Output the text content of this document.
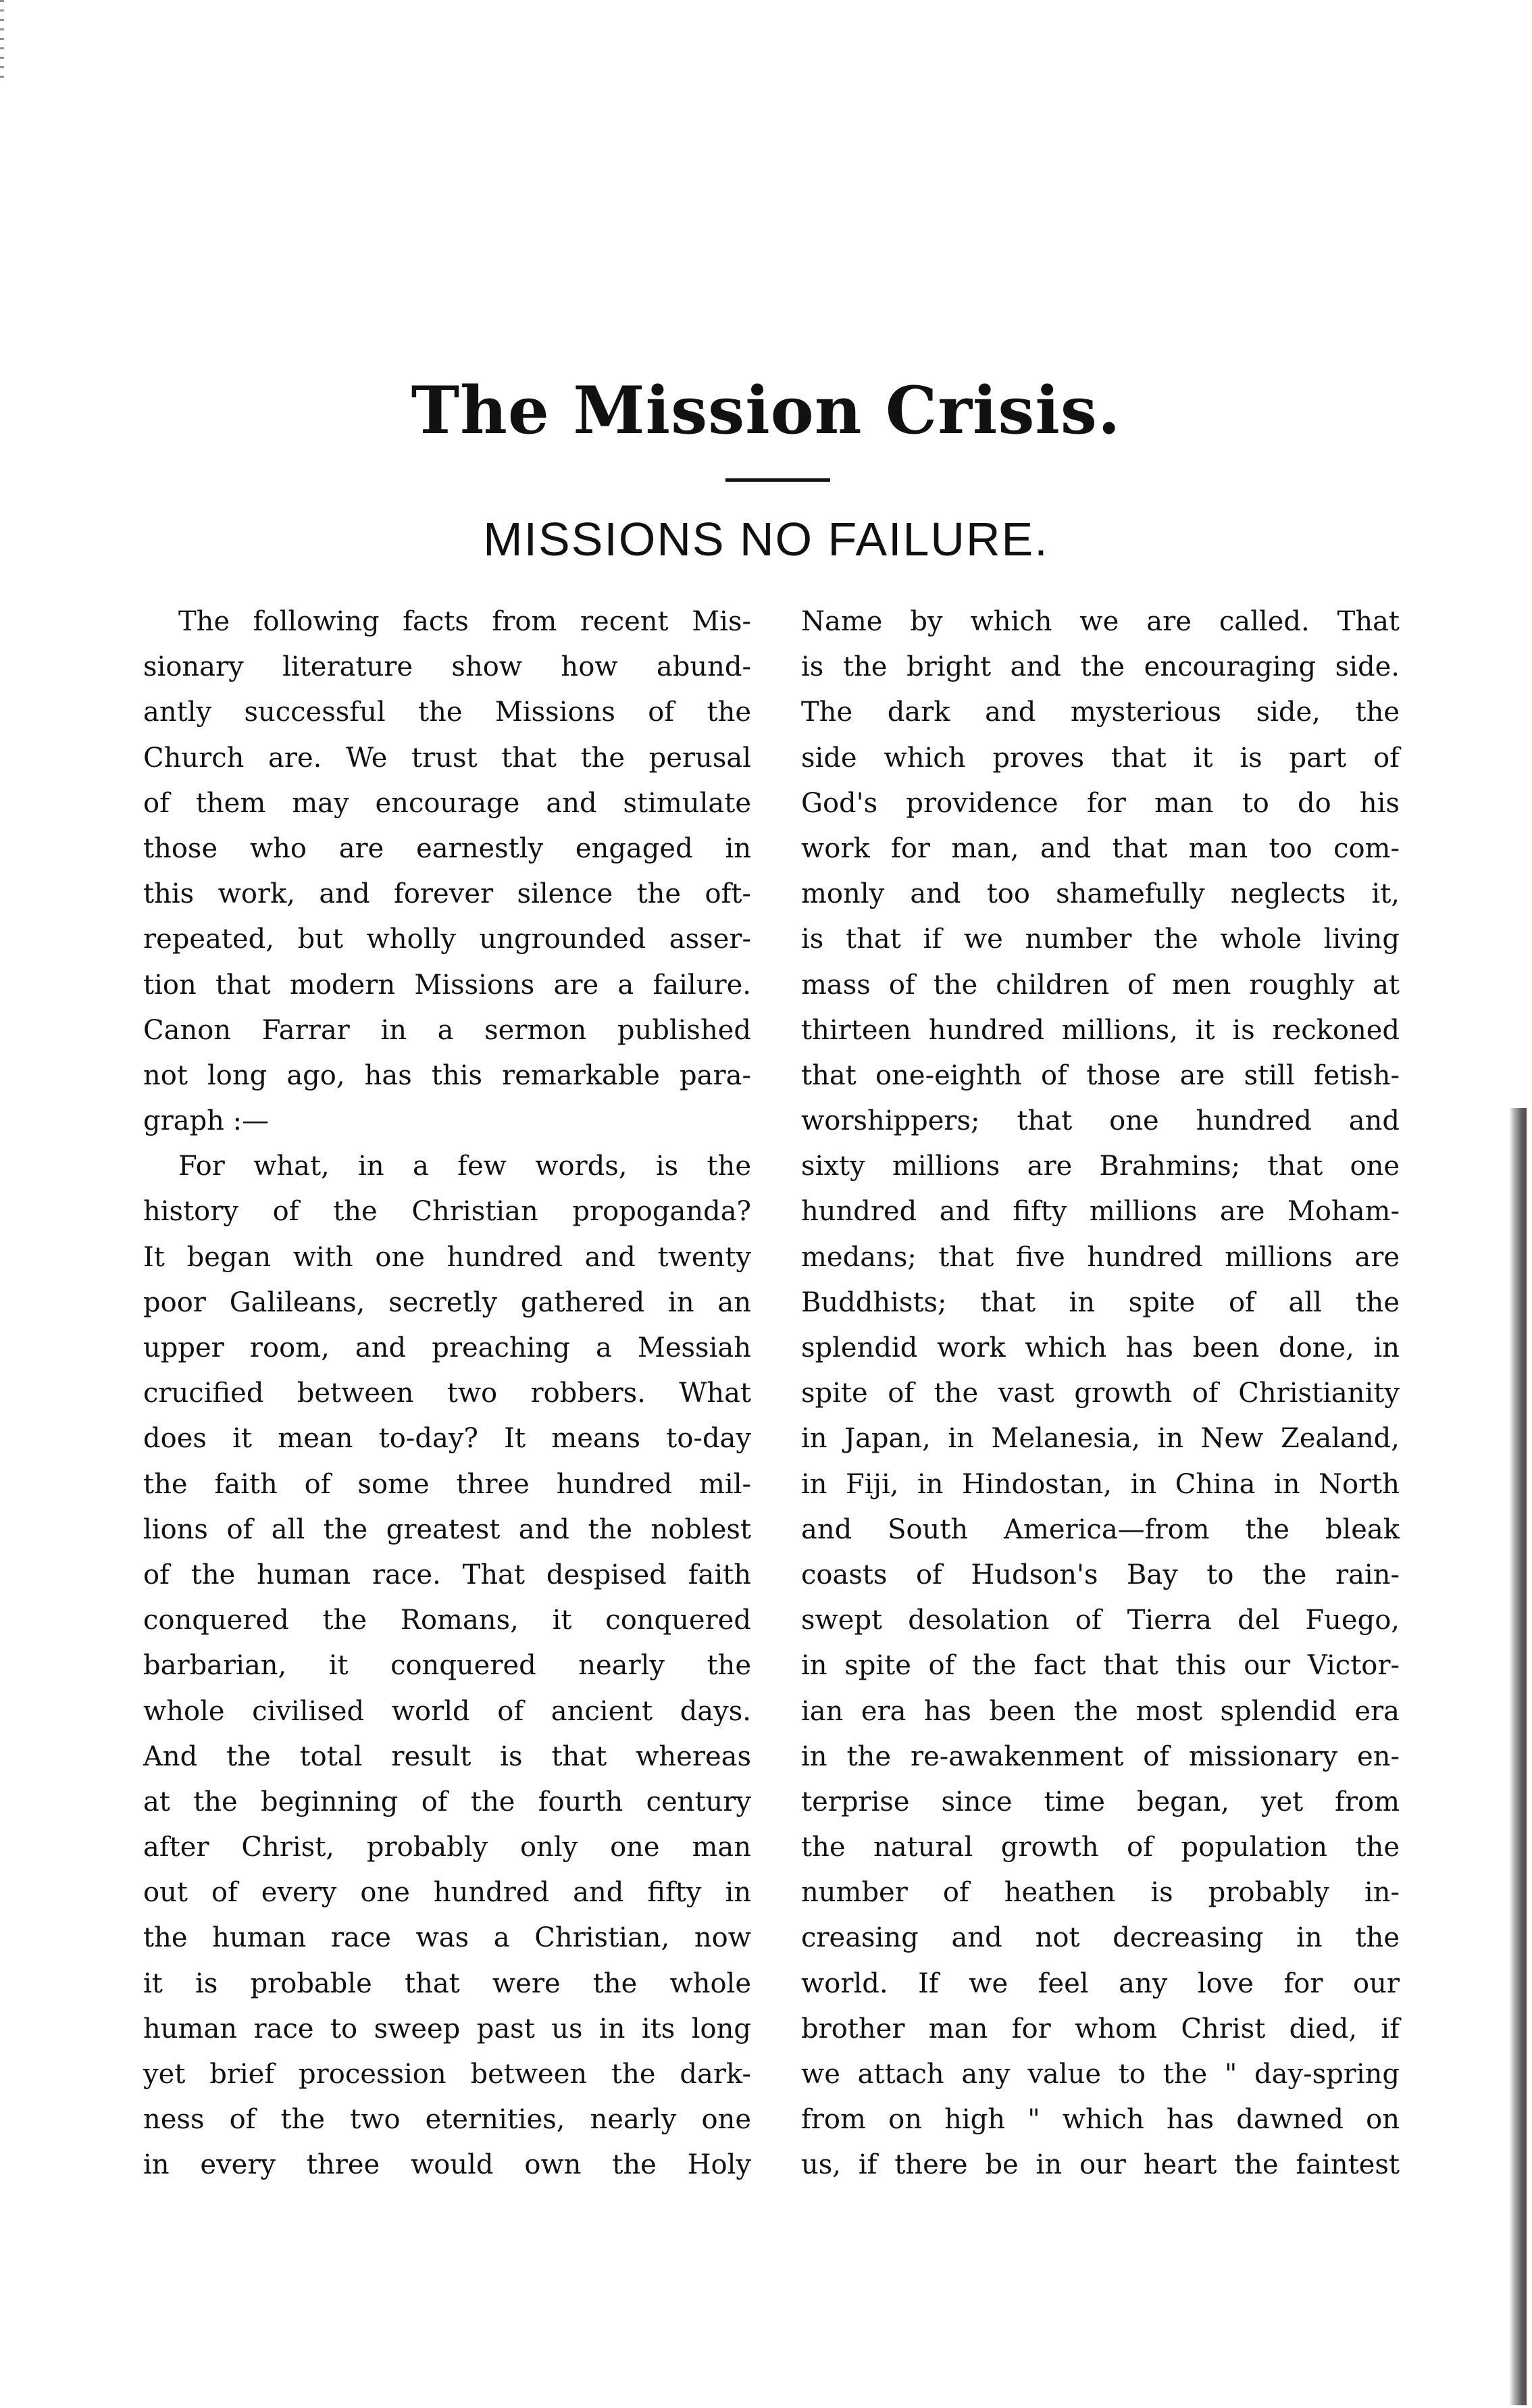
The Mission Crisis.
MISSIONS NO FAILURE.
The following facts from recent Mis-
sionary literature show how abund-
antly successful the Missions of the
Church are. We trust that the perusal
of them may encourage and stimulate
those who are earnestly engaged in
this work, and forever silence the oft-
repeated, but wholly ungrounded asser-
tion that modern Missions are a failure.
Canon Farrar in a sermon published
not long ago, has this remarkable para-
graph :—
For what, in a few words, is the
history of the Christian propoganda?
It began with one hundred and twenty
poor Galileans, secretly gathered in an
upper room, and preaching a Messiah
crucified between two robbers. What
does it mean to-day? It means to-day
the faith of some three hundred mil-
lions of all the greatest and the noblest
of the human race. That despised faith
conquered the Romans, it conquered
barbarian, it conquered nearly the
whole civilised world of ancient days.
And the total result is that whereas
at the beginning of the fourth century
after Christ, probably only one man
out of every one hundred and fifty in
the human race was a Christian, now
it is probable that were the whole
human race to sweep past us in its long
yet brief procession between the dark-
ness of the two eternities, nearly one
in every three would own the Holy
Name by which we are called. That
is the bright and the encouraging side.
The dark and mysterious side, the
side which proves that it is part of
God's providence for man to do his
work for man, and that man too com-
monly and too shamefully neglects it,
is that if we number the whole living
mass of the children of men roughly at
thirteen hundred millions, it is reckoned
that one-eighth of those are still fetish-
worshippers; that one hundred and
sixty millions are Brahmins; that one
hundred and fifty millions are Moham-
medans; that five hundred millions are
Buddhists; that in spite of all the
splendid work which has been done, in
spite of the vast growth of Christianity
in Japan, in Melanesia, in New Zealand,
in Fiji, in Hindostan, in China in North
and South America—from the bleak
coasts of Hudson's Bay to the rain-
swept desolation of Tierra del Fuego,
in spite of the fact that this our Victor-
ian era has been the most splendid era
in the re-awakenment of missionary en-
terprise since time began, yet from
the natural growth of population the
number of heathen is probably in-
creasing and not decreasing in the
world. If we feel any love for our
brother man for whom Christ died, if
we attach any value to the " day-spring
from on high " which has dawned on
us, if there be in our heart the faintest
